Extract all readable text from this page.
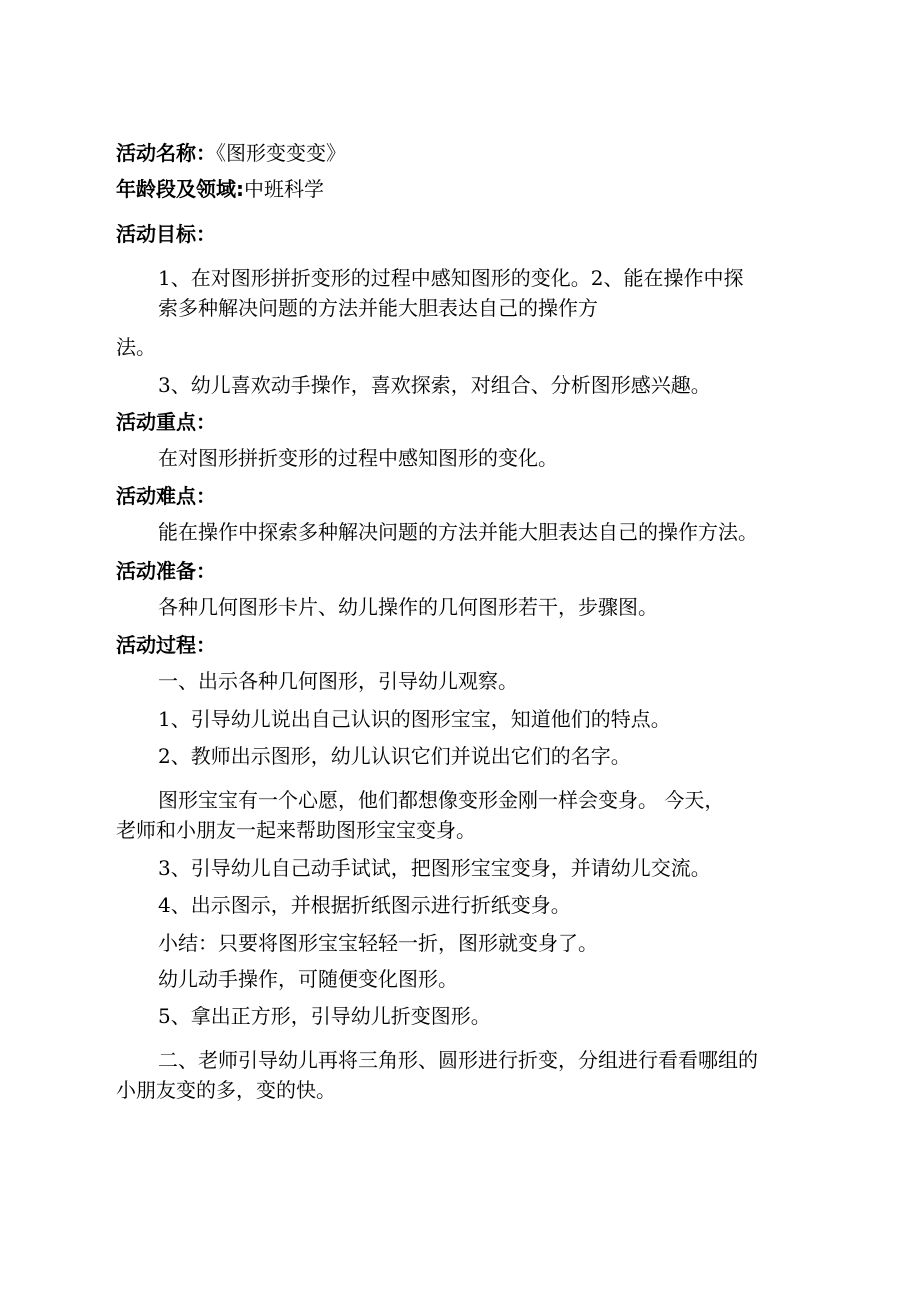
活动名称：《图形变变变》
年龄段及领域:中班科学
活动目标：
1、在对图形拼折变形的过程中感知图形的变化。2、能在操作中探
索多种解决问题的方法并能大胆表达自己的操作方
法。
3、幼儿喜欢动手操作，喜欢探索，对组合、分析图形感兴趣。
活动重点：
在对图形拼折变形的过程中感知图形的变化。
活动难点：
能在操作中探索多种解决问题的方法并能大胆表达自己的操作方法。
活动准备：
各种几何图形卡片、幼儿操作的几何图形若干，步骤图。
活动过程：
一、出示各种几何图形，引导幼儿观察。
1、引导幼儿说出自己认识的图形宝宝，知道他们的特点。
2、教师出示图形，幼儿认识它们并说出它们的名字。
图形宝宝有一个心愿，他们都想像变形金刚一样会变身。 今天，
老师和小朋友一起来帮助图形宝宝变身。
3、引导幼儿自己动手试试，把图形宝宝变身，并请幼儿交流。
4、出示图示，并根据折纸图示进行折纸变身。
小结：只要将图形宝宝轻轻一折，图形就变身了。
幼儿动手操作，可随便变化图形。
5、拿出正方形，引导幼儿折变图形。
二、老师引导幼儿再将三角形、圆形进行折变，分组进行看看哪组的
小朋友变的多，变的快。
